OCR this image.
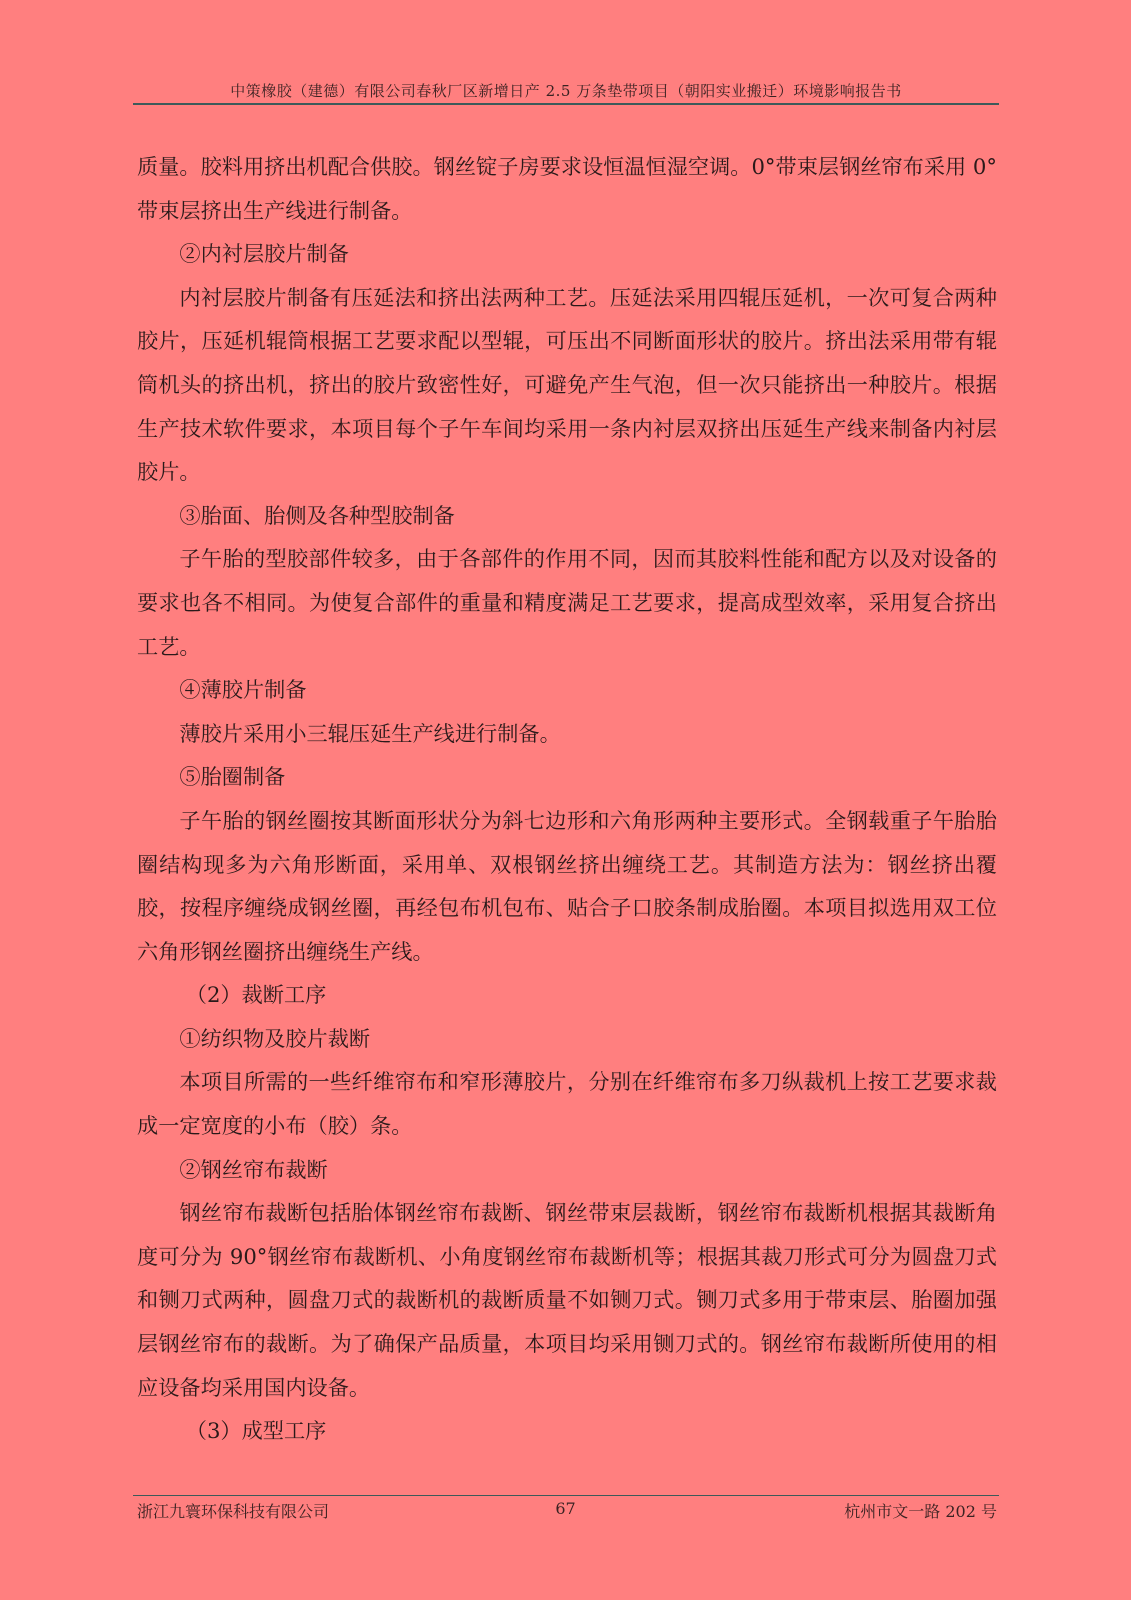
中策橡胶（建德）有限公司春秋厂区新增日产 2.5 万条垫带项目（朝阳实业搬迁）环境影响报告书

质量。胶料用挤出机配合供胶。钢丝锭子房要求设恒温恒湿空调。0°带束层钢丝帘布采用 0°带束层挤出生产线进行制备。

②内衬层胶片制备

内衬层胶片制备有压延法和挤出法两种工艺。压延法采用四辊压延机，一次可复合两种胶片，压延机辊筒根据工艺要求配以型辊，可压出不同断面形状的胶片。挤出法采用带有辊筒机头的挤出机，挤出的胶片致密性好，可避免产生气泡，但一次只能挤出一种胶片。根据生产技术软件要求，本项目每个子午车间均采用一条内衬层双挤出压延生产线来制备内衬层胶片。

③胎面、胎侧及各种型胶制备

子午胎的型胶部件较多，由于各部件的作用不同，因而其胶料性能和配方以及对设备的要求也各不相同。为使复合部件的重量和精度满足工艺要求，提高成型效率，采用复合挤出工艺。

④薄胶片制备

薄胶片采用小三辊压延生产线进行制备。

⑤胎圈制备

子午胎的钢丝圈按其断面形状分为斜七边形和六角形两种主要形式。全钢载重子午胎胎圈结构现多为六角形断面，采用单、双根钢丝挤出缠绕工艺。其制造方法为：钢丝挤出覆胶，按程序缠绕成钢丝圈，再经包布机包布、贴合子口胶条制成胎圈。本项目拟选用双工位六角形钢丝圈挤出缠绕生产线。

（2）裁断工序

①纺织物及胶片裁断

本项目所需的一些纤维帘布和窄形薄胶片，分别在纤维帘布多刀纵裁机上按工艺要求裁成一定宽度的小布（胶）条。

②钢丝帘布裁断

钢丝帘布裁断包括胎体钢丝帘布裁断、钢丝带束层裁断，钢丝帘布裁断机根据其裁断角度可分为 90°钢丝帘布裁断机、小角度钢丝帘布裁断机等；根据其裁刀形式可分为圆盘刀式和铡刀式两种，圆盘刀式的裁断机的裁断质量不如铡刀式。铡刀式多用于带束层、胎圈加强层钢丝帘布的裁断。为了确保产品质量，本项目均采用铡刀式的。钢丝帘布裁断所使用的相应设备均采用国内设备。

（3）成型工序

浙江九寰环保科技有限公司	67	杭州市文一路 202 号
